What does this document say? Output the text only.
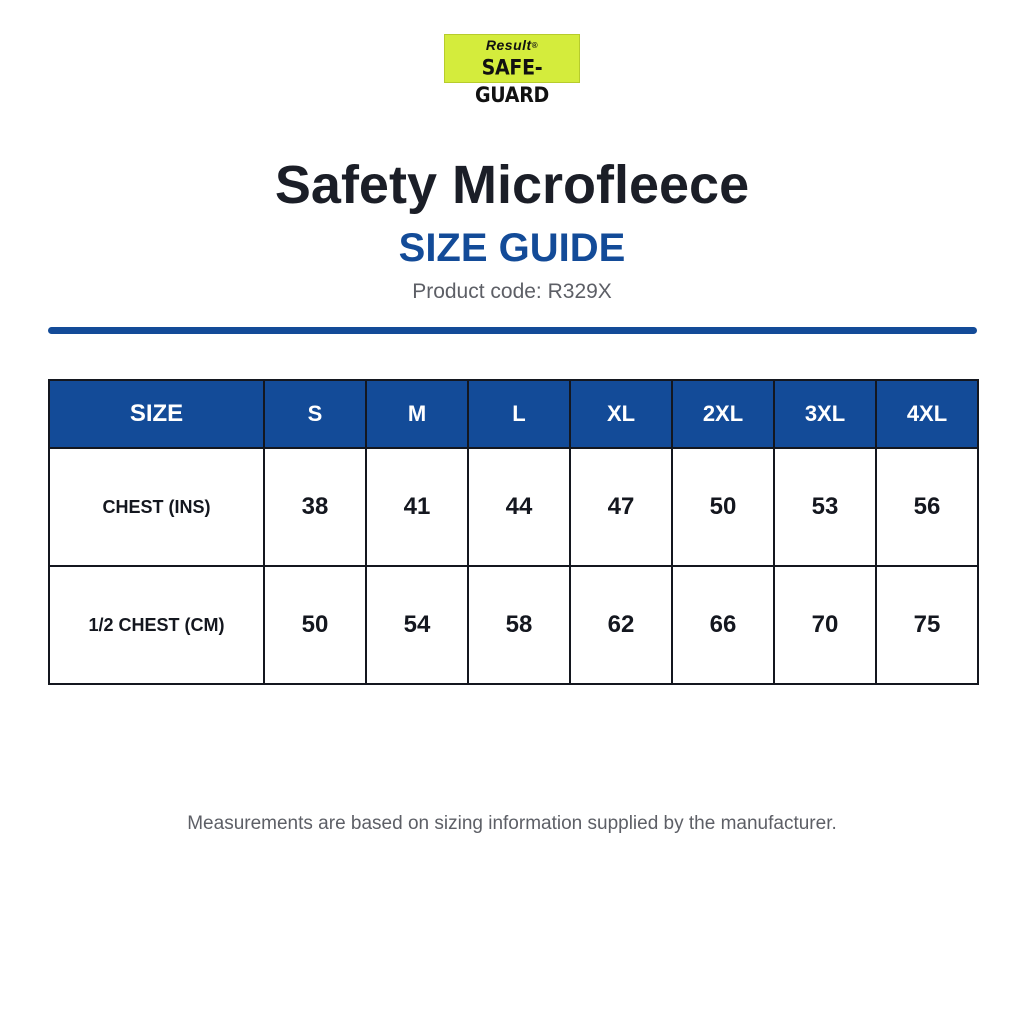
Result®
SAFE-GUARD
Safety Microfleece
SIZE GUIDE
Product code: R329X
SIZE	S	M	L	XL	2XL	3XL	4XL
CHEST (INS)	38	41	44	47	50	53	56
1/2 CHEST (CM)	50	54	58	62	66	70	75
Measurements are based on sizing information supplied by the manufacturer.
